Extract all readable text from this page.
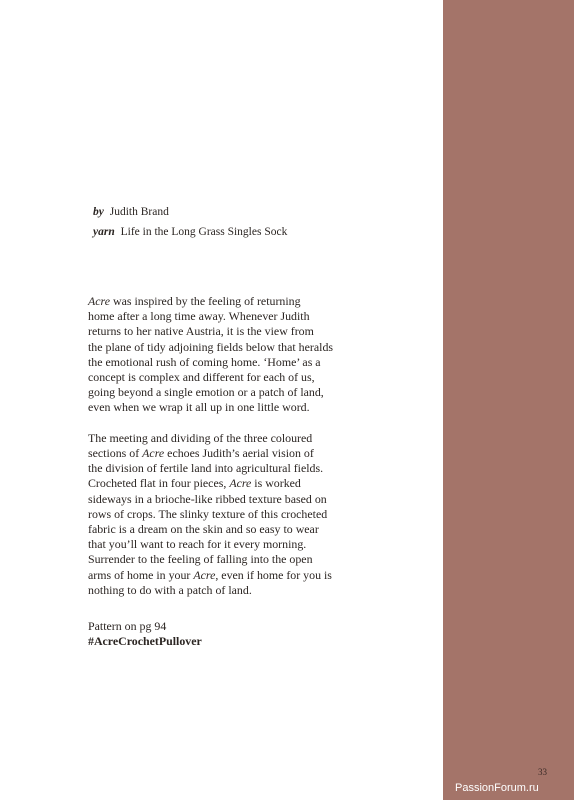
by Judith Brand
yarn Life in the Long Grass Singles Sock

Acre was inspired by the feeling of returning
home after a long time away. Whenever Judith
returns to her native Austria, it is the view from
the plane of tidy adjoining fields below that heralds
the emotional rush of coming home. ‘Home’ as a
concept is complex and different for each of us,
going beyond a single emotion or a patch of land,
even when we wrap it all up in one little word.

The meeting and dividing of the three coloured
sections of Acre echoes Judith’s aerial vision of
the division of fertile land into agricultural fields.
Crocheted flat in four pieces, Acre is worked
sideways in a brioche-like ribbed texture based on
rows of crops. The slinky texture of this crocheted
fabric is a dream on the skin and so easy to wear
that you’ll want to reach for it every morning.
Surrender to the feeling of falling into the open
arms of home in your Acre, even if home for you is
nothing to do with a patch of land.

Pattern on pg 94
#AcreCrochetPullover
33
PassionForum.ru
